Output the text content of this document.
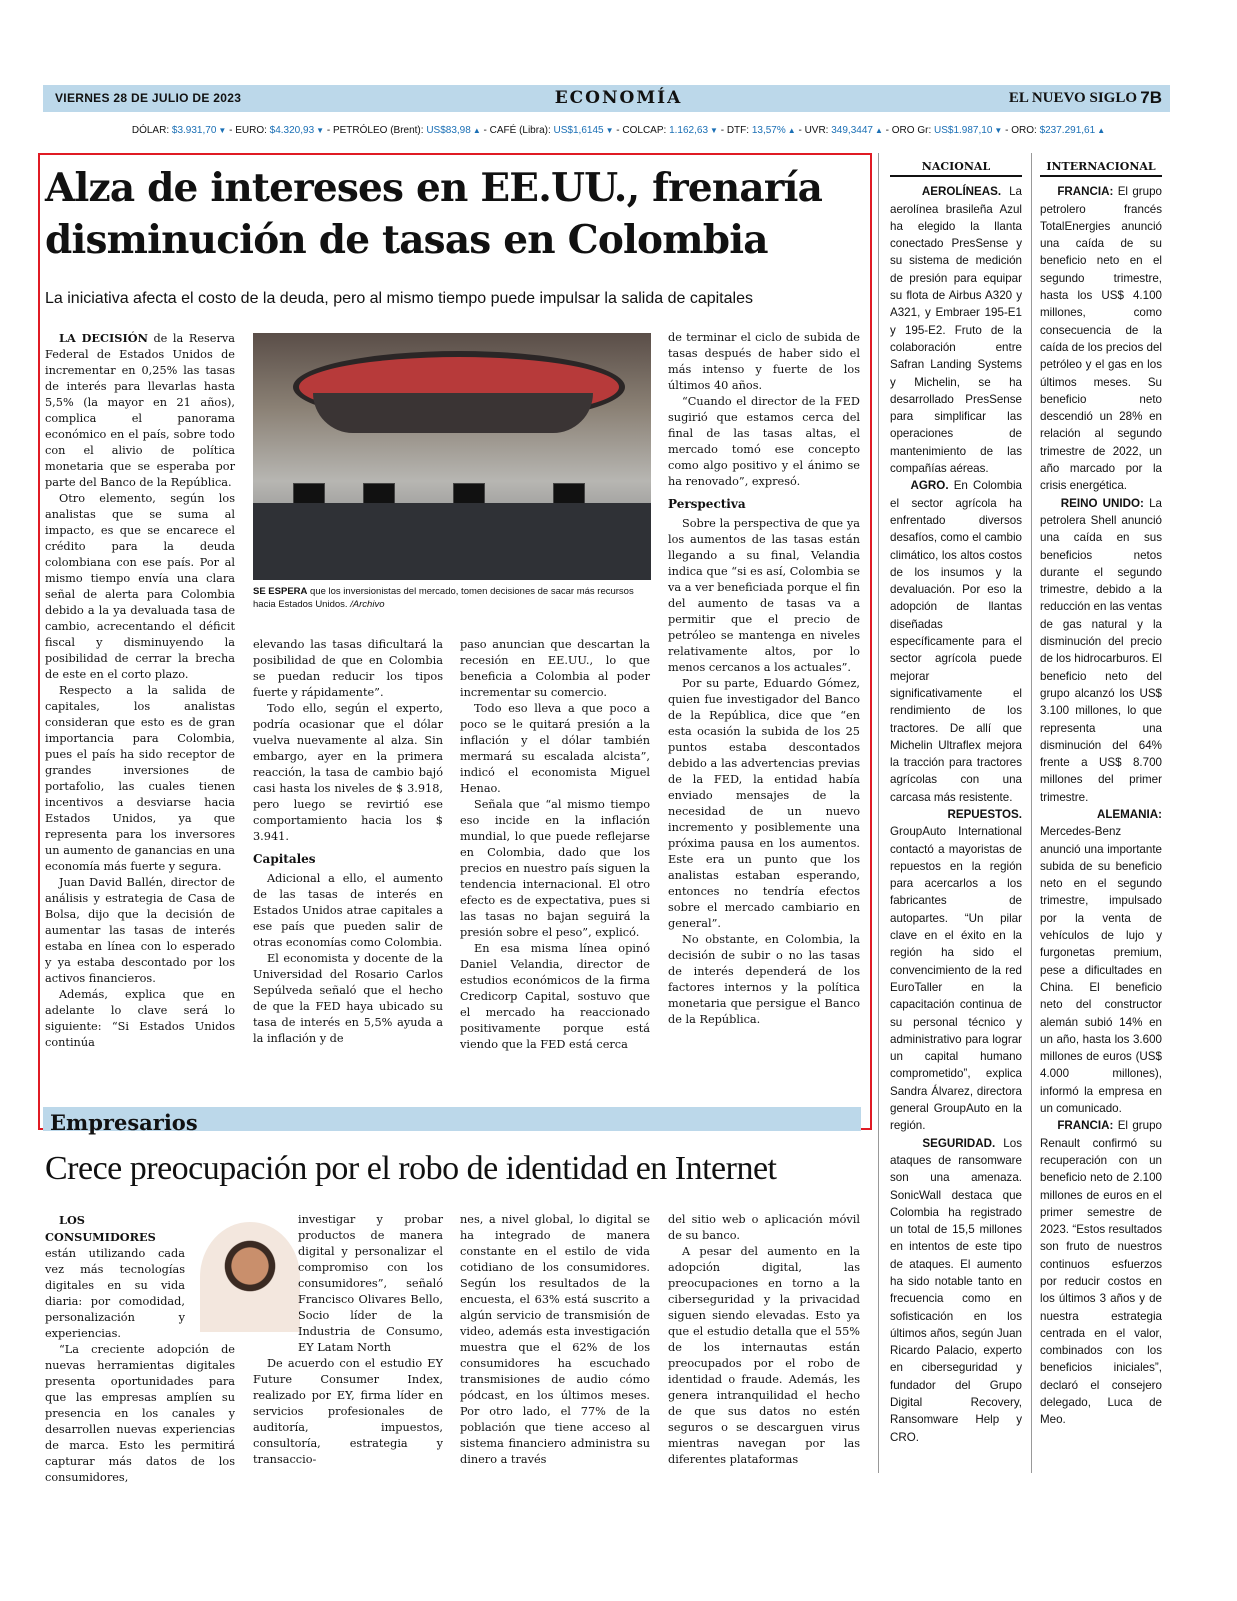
VIERNES 28 DE JULIO DE 2023	ECONOMÍA	EL NUEVO SIGLO 7B
DÓLAR: $3.931,70 ▼ - EURO: $4.320,93 ▼ - PETRÓLEO (Brent): US$83,98 ▲ - CAFÉ (Libra): US$1,6145 ▼ - COLCAP: 1.162,63 ▼ - DTF: 13,57% ▲ - UVR: 349,3447 ▲ - ORO Gr: US$1.987,10 ▼ - ORO: $237.291,61 ▲
Alza de intereses en EE.UU., frenaría disminución de tasas en Colombia
La iniciativa afecta el costo de la deuda, pero al mismo tiempo puede impulsar la salida de capitales

LA DECISIÓN de la Reserva Federal de Estados Unidos de incrementar en 0,25% las tasas de interés para llevarlas hasta 5,5% (la mayor en 21 años), complica el panorama económico en el país, sobre todo con el alivio de política monetaria que se esperaba por parte del Banco de la República.

Otro elemento, según los analistas que se suma al impacto, es que se encarece el crédito para la deuda colombiana con ese país. Por al mismo tiempo envía una clara señal de alerta para Colombia debido a la ya devaluada tasa de cambio, acrecentando el déficit fiscal y disminuyendo la posibilidad de cerrar la brecha de este en el corto plazo.

Respecto a la salida de capitales, los analistas consideran que esto es de gran importancia para Colombia, pues el país ha sido receptor de grandes inversiones de portafolio, las cuales tienen incentivos a desviarse hacia Estados Unidos, ya que representa para los inversores un aumento de ganancias en una economía más fuerte y segura.

Juan David Ballén, director de análisis y estrategia de Casa de Bolsa, dijo que la decisión de aumentar las tasas de interés estaba en línea con lo esperado y ya estaba descontado por los activos financieros.

Además, explica que en adelante lo clave será lo siguiente: “Si Estados Unidos continúa

SE ESPERA que los inversionistas del mercado, tomen decisiones de sacar más recursos hacia Estados Unidos. /Archivo

elevando las tasas dificultará la posibilidad de que en Colombia se puedan reducir los tipos fuerte y rápidamente”.

Todo ello, según el experto, podría ocasionar que el dólar vuelva nuevamente al alza. Sin embargo, ayer en la primera reacción, la tasa de cambio bajó casi hasta los niveles de $ 3.918, pero luego se revirtió ese comportamiento hacia los $ 3.941.

Capitales

Adicional a ello, el aumento de las tasas de interés en Estados Unidos atrae capitales a ese país que pueden salir de otras economías como Colombia.

El economista y docente de la Universidad del Rosario Carlos Sepúlveda señaló que el hecho de que la FED haya ubicado su tasa de interés en 5,5% ayuda a la inflación y de

paso anuncian que descartan la recesión en EE.UU., lo que beneficia a Colombia al poder incrementar su comercio.

Todo eso lleva a que poco a poco se le quitará presión a la inflación y el dólar también mermará su escalada alcista”, indicó el economista Miguel Henao.

Señala que “al mismo tiempo eso incide en la inflación mundial, lo que puede reflejarse en Colombia, dado que los precios en nuestro país siguen la tendencia internacional. El otro efecto es de expectativa, pues si las tasas no bajan seguirá la presión sobre el peso”, explicó.

En esa misma línea opinó Daniel Velandia, director de estudios económicos de la firma Credicorp Capital, sostuvo que el mercado ha reaccionado positivamente porque está viendo que la FED está cerca

de terminar el ciclo de subida de tasas después de haber sido el más intenso y fuerte de los últimos 40 años.

“Cuando el director de la FED sugirió que estamos cerca del final de las tasas altas, el mercado tomó ese concepto como algo positivo y el ánimo se ha renovado”, expresó.

Perspectiva

Sobre la perspectiva de que ya los aumentos de las tasas están llegando a su final, Velandia indica que “si es así, Colombia se va a ver beneficiada porque el fin del aumento de tasas va a permitir que el precio de petróleo se mantenga en niveles relativamente altos, por lo menos cercanos a los actuales”.

Por su parte, Eduardo Gómez, quien fue investigador del Banco de la República, dice que “en esta ocasión la subida de los 25 puntos estaba descontados debido a las advertencias previas de la FED, la entidad había enviado mensajes de la necesidad de un nuevo incremento y posiblemente una próxima pausa en los aumentos. Este era un punto que los analistas estaban esperando, entonces no tendría efectos sobre el mercado cambiario en general”.

No obstante, en Colombia, la decisión de subir o no las tasas de interés dependerá de los factores internos y la política monetaria que persigue el Banco de la República.

Empresarios
Crece preocupación por el robo de identidad en Internet

LOS CONSUMIDORES están utilizando cada vez más tecnologías digitales en su vida diaria: por comodidad, personalización y experiencias.

“La creciente adopción de nuevas herramientas digitales presenta oportunidades para que las empresas amplíen su presencia en los canales y desarrollen nuevas experiencias de marca. Esto les permitirá capturar más datos de los consumidores,

investigar y probar productos de manera digital y personalizar el compromiso con los consumidores”, señaló Francisco Olivares Bello, Socio líder de la Industria de Consumo, EY Latam North

De acuerdo con el estudio EY Future Consumer Index, realizado por EY, firma líder en servicios profesionales de auditoría, impuestos, consultoría, estrategia y transaccio-

nes, a nivel global, lo digital se ha integrado de manera constante en el estilo de vida cotidiano de los consumidores. Según los resultados de la encuesta, el 63% está suscrito a algún servicio de transmisión de video, además esta investigación muestra que el 62% de los consumidores ha escuchado transmisiones de audio cómo pódcast, en los últimos meses. Por otro lado, el 77% de la población que tiene acceso al sistema financiero administra su dinero a través

del sitio web o aplicación móvil de su banco.

A pesar del aumento en la adopción digital, las preocupaciones en torno a la ciberseguridad y la privacidad siguen siendo elevadas. Esto ya que el estudio detalla que el 55% de los internautas están preocupados por el robo de identidad o fraude. Además, les genera intranquilidad el hecho de que sus datos no estén seguros o se descarguen virus mientras navegan por las diferentes plataformas

NACIONAL

AEROLÍNEAS. La aerolínea brasileña Azul ha elegido la llanta conectado PresSense y su sistema de medición de presión para equipar su flota de Airbus A320 y A321, y Embraer 195-E1 y 195-E2. Fruto de la colaboración entre Safran Landing Systems y Michelin, se ha desarrollado PresSense para simplificar las operaciones de mantenimiento de las compañías aéreas.

AGRO. En Colombia el sector agrícola ha enfrentado diversos desafíos, como el cambio climático, los altos costos de los insumos y la devaluación. Por eso la adopción de llantas diseñadas específicamente para el sector agrícola puede mejorar significativamente el rendimiento de los tractores. De allí que Michelin Ultraflex mejora la tracción para tractores agrícolas con una carcasa más resistente.

REPUESTOS. GroupAuto International contactó a mayoristas de repuestos en la región para acercarlos a los fabricantes de autopartes. “Un pilar clave en el éxito en la región ha sido el convencimiento de la red EuroTaller en la capacitación continua de su personal técnico y administrativo para lograr un capital humano comprometido”, explica Sandra Álvarez, directora general GroupAuto en la región.

SEGURIDAD. Los ataques de ransomware son una amenaza. SonicWall destaca que Colombia ha registrado un total de 15,5 millones en intentos de este tipo de ataques. El aumento ha sido notable tanto en frecuencia como en sofisticación en los últimos años, según Juan Ricardo Palacio, experto en ciberseguridad y fundador del Grupo Digital Recovery, Ransomware Help y CRO.

INTERNACIONAL

FRANCIA: El grupo petrolero francés TotalEnergies anunció una caída de su beneficio neto en el segundo trimestre, hasta los US$ 4.100 millones, como consecuencia de la caída de los precios del petróleo y el gas en los últimos meses. Su beneficio neto descendió un 28% en relación al segundo trimestre de 2022, un año marcado por la crisis energética.

REINO UNIDO: La petrolera Shell anunció una caída en sus beneficios netos durante el segundo trimestre, debido a la reducción en las ventas de gas natural y la disminución del precio de los hidrocarburos. El beneficio neto del grupo alcanzó los US$ 3.100 millones, lo que representa una disminución del 64% frente a US$ 8.700 millones del primer trimestre.

ALEMANIA: Mercedes-Benz anunció una importante subida de su beneficio neto en el segundo trimestre, impulsado por la venta de vehículos de lujo y furgonetas premium, pese a dificultades en China. El beneficio neto del constructor alemán subió 14% en un año, hasta los 3.600 millones de euros (US$ 4.000 millones), informó la empresa en un comunicado.

FRANCIA: El grupo Renault confirmó su recuperación con un beneficio neto de 2.100 millones de euros en el primer semestre de 2023. “Estos resultados son fruto de nuestros continuos esfuerzos por reducir costos en los últimos 3 años y de nuestra estrategia centrada en el valor, combinados con los beneficios iniciales”, declaró el consejero delegado, Luca de Meo.
